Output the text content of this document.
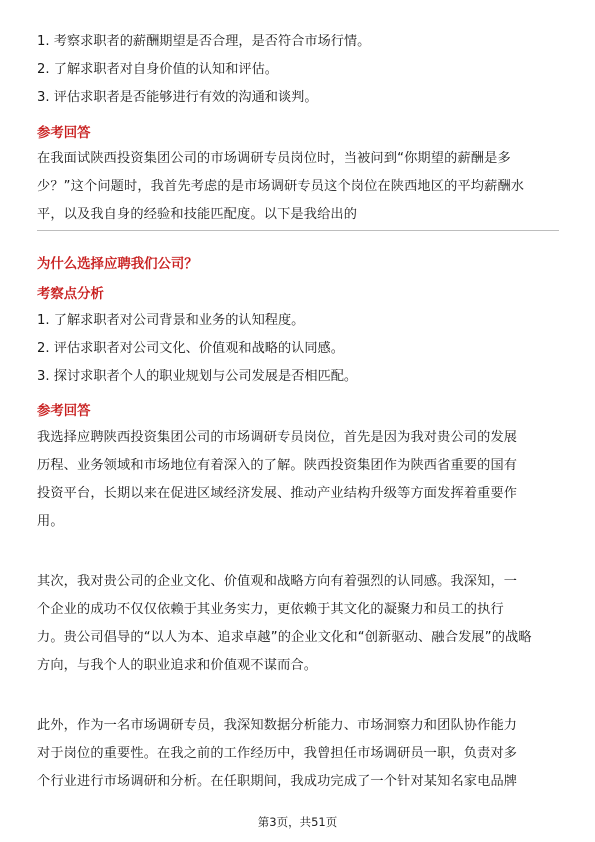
1. 考察求职者的薪酬期望是否合理，是否符合市场行情。
2. 了解求职者对自身价值的认知和评估。
3. 评估求职者是否能够进行有效的沟通和谈判。
参考回答
在我面试陕西投资集团公司的市场调研专员岗位时，当被问到“你期望的薪酬是多
少？”这个问题时，我首先考虑的是市场调研专员这个岗位在陕西地区的平均薪酬水
平，以及我自身的经验和技能匹配度。以下是我给出的
为什么选择应聘我们公司？
考察点分析
1. 了解求职者对公司背景和业务的认知程度。
2. 评估求职者对公司文化、价值观和战略的认同感。
3. 探讨求职者个人的职业规划与公司发展是否相匹配。
参考回答
我选择应聘陕西投资集团公司的市场调研专员岗位，首先是因为我对贵公司的发展
历程、业务领域和市场地位有着深入的了解。陕西投资集团作为陕西省重要的国有
投资平台，长期以来在促进区域经济发展、推动产业结构升级等方面发挥着重要作
用。
其次，我对贵公司的企业文化、价值观和战略方向有着强烈的认同感。我深知，一
个企业的成功不仅仅依赖于其业务实力，更依赖于其文化的凝聚力和员工的执行
力。贵公司倡导的“以人为本、追求卓越”的企业文化和“创新驱动、融合发展”的战略
方向，与我个人的职业追求和价值观不谋而合。
此外，作为一名市场调研专员，我深知数据分析能力、市场洞察力和团队协作能力
对于岗位的重要性。在我之前的工作经历中，我曾担任市场调研员一职，负责对多
个行业进行市场调研和分析。在任职期间，我成功完成了一个针对某知名家电品牌
第3页，共51页
